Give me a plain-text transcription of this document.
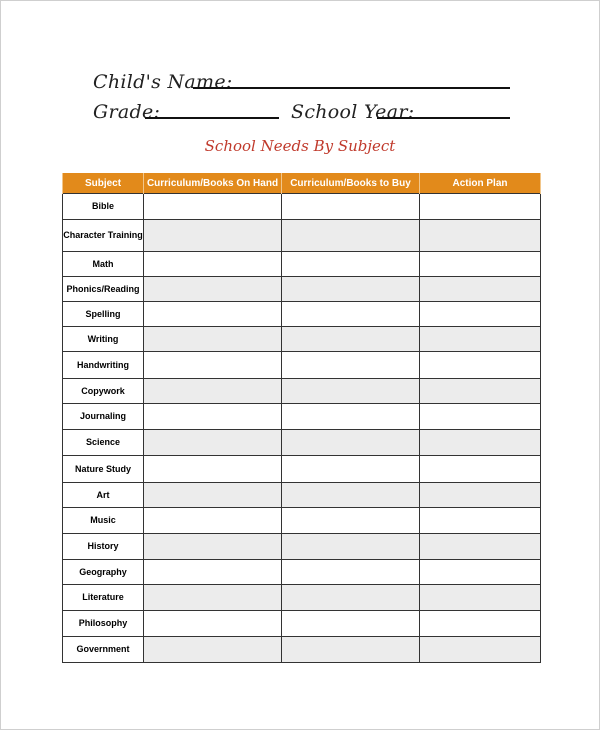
Child's Name:
Grade:	School Year:
School Needs By Subject
Subject	Curriculum/Books On Hand	Curriculum/Books to Buy	Action Plan
Bible			
Character Training			
Math			
Phonics/Reading			
Spelling			
Writing			
Handwriting			
Copywork			
Journaling			
Science			
Nature Study			
Art			
Music			
History			
Geography			
Literature			
Philosophy			
Government			
